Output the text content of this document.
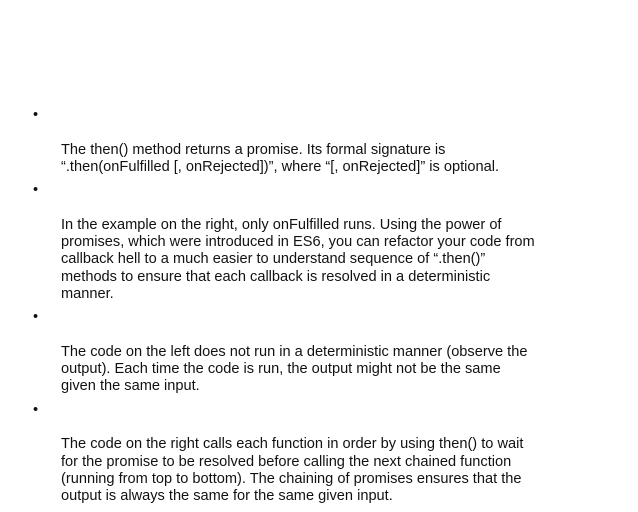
•

The then() method returns a promise. Its formal signature is
“.then(onFulfilled [, onRejected])”, where “[, onRejected]” is optional.

•

In the example on the right, only onFulfilled runs. Using the power of
promises, which were introduced in ES6, you can refactor your code from
callback hell to a much easier to understand sequence of “.then()”
methods to ensure that each callback is resolved in a deterministic
manner.

•

The code on the left does not run in a deterministic manner (observe the
output). Each time the code is run, the output might not be the same
given the same input.

•

The code on the right calls each function in order by using then() to wait
for the promise to be resolved before calling the next chained function
(running from top to bottom). The chaining of promises ensures that the
output is always the same for the same given input.
